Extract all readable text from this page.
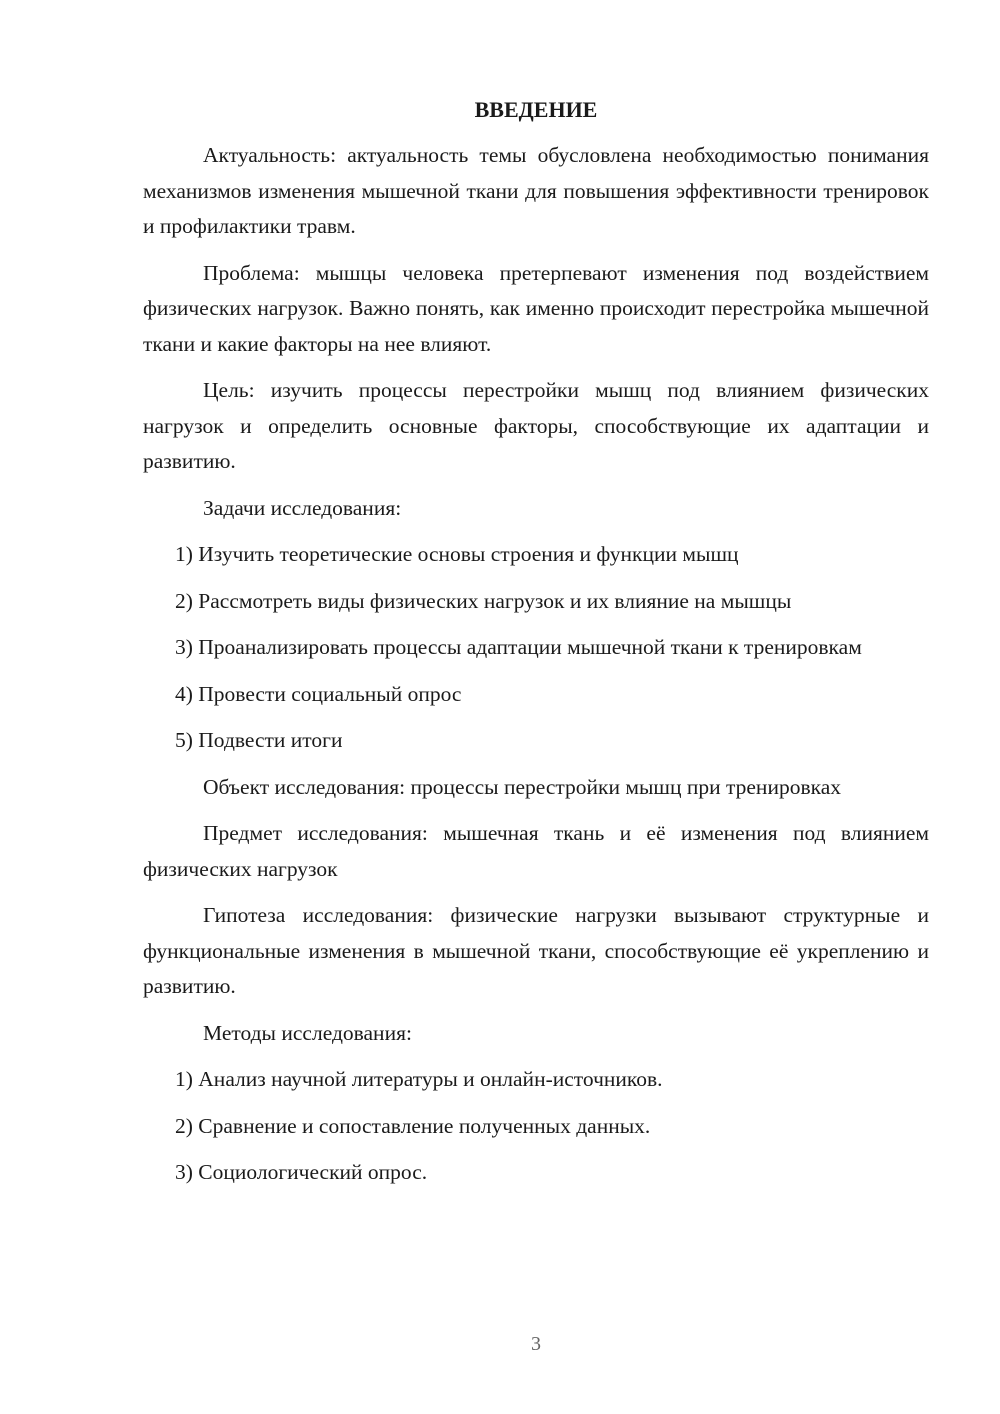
ВВЕДЕНИЕ

Актуальность: актуальность темы обусловлена необходимостью понимания механизмов изменения мышечной ткани для повышения эффективности тренировок и профилактики травм.

Проблема: мышцы человека претерпевают изменения под воздействием физических нагрузок. Важно понять, как именно происходит перестройка мышечной ткани и какие факторы на нее влияют.

Цель: изучить процессы перестройки мышц под влиянием физических нагрузок и определить основные факторы, способствующие их адаптации и развитию.

Задачи исследования:

1) Изучить теоретические основы строения и функции мышц

2) Рассмотреть виды физических нагрузок и их влияние на мышцы

3) Проанализировать процессы адаптации мышечной ткани к тренировкам

4) Провести социальный опрос

5) Подвести итоги

Объект исследования: процессы перестройки мышц при тренировках

Предмет исследования: мышечная ткань и её изменения под влиянием физических нагрузок

Гипотеза исследования: физические нагрузки вызывают структурные и функциональные изменения в мышечной ткани, способствующие её укреплению и развитию.

Методы исследования:

1) Анализ научной литературы и онлайн-источников.

2) Сравнение и сопоставление полученных данных.

3) Социологический опрос.

3
